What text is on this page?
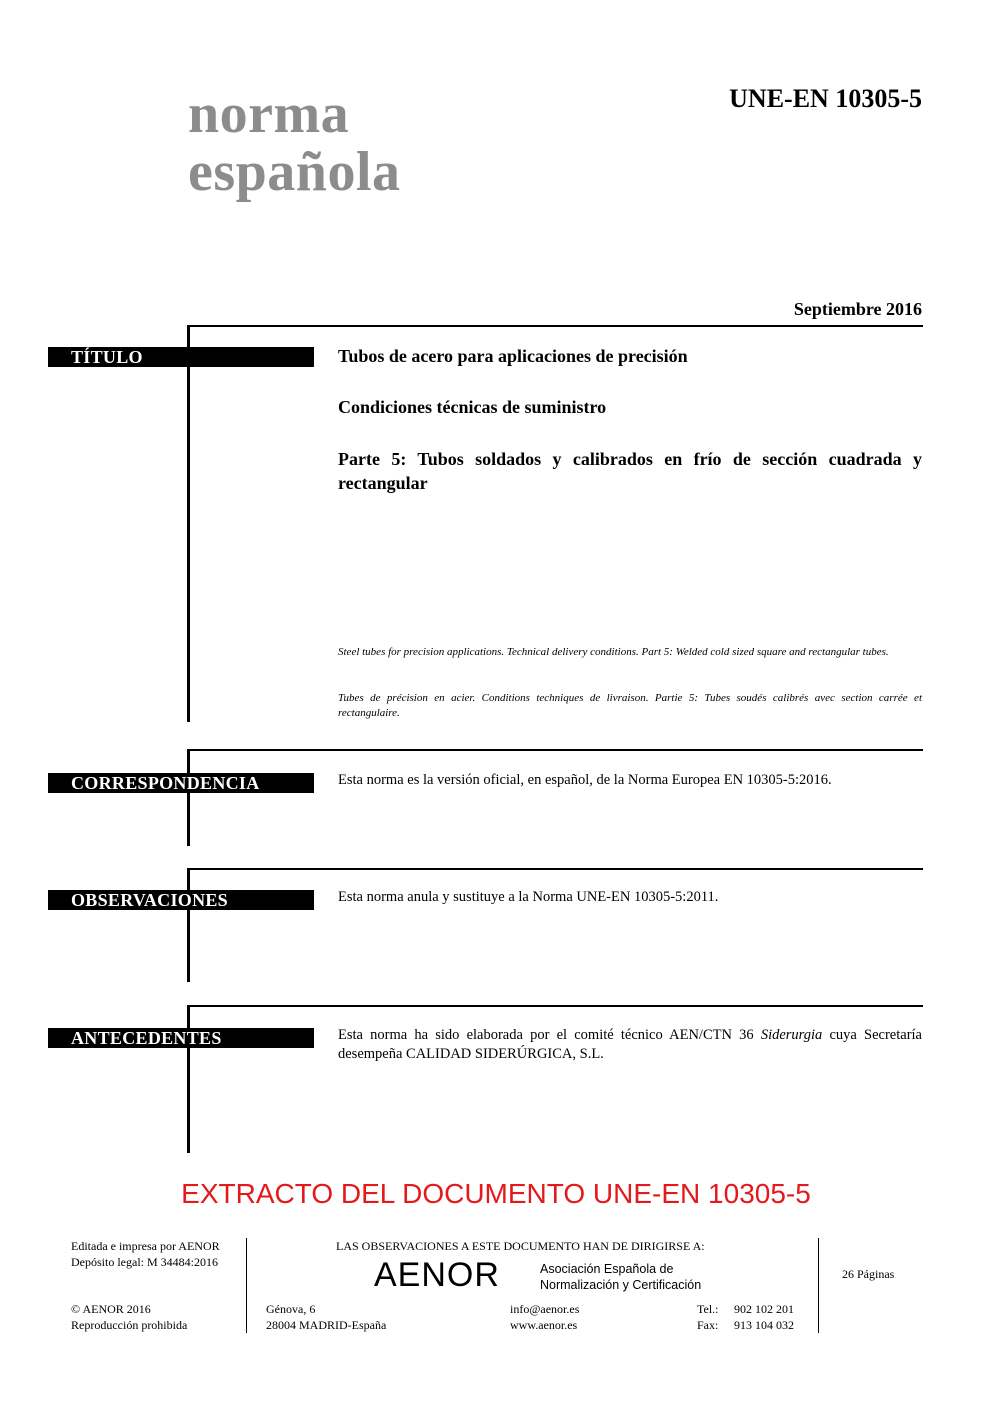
norma
española
UNE-EN 10305-5
Septiembre 2016
TÍTULO	Tubos de acero para aplicaciones de precisión
Condiciones técnicas de suministro
Parte 5: Tubos soldados y calibrados en frío de sección cuadrada y rectangular
Steel tubes for precision applications. Technical delivery conditions. Part 5: Welded cold sized square and rectangular tubes.
Tubes de précision en acier. Conditions techniques de livraison. Partie 5: Tubes soudés calibrés avec section carrée et rectangulaire.
CORRESPONDENCIA	Esta norma es la versión oficial, en español, de la Norma Europea EN 10305-5:2016.
OBSERVACIONES	Esta norma anula y sustituye a la Norma UNE-EN 10305-5:2011.
ANTECEDENTES	Esta norma ha sido elaborada por el comité técnico AEN/CTN 36 Siderurgia cuya Secretaría desempeña CALIDAD SIDERÚRGICA, S.L.
EXTRACTO DEL DOCUMENTO UNE-EN 10305-5
Editada e impresa por AENOR
Depósito legal: M 34484:2016
© AENOR 2016
Reproducción prohibida
LAS OBSERVACIONES A ESTE DOCUMENTO HAN DE DIRIGIRSE A:
AENOR	Asociación Española de
Normalización y Certificación
Génova, 6
28004 MADRID-España
info@aenor.es
www.aenor.es
Tel.: 902 102 201
Fax: 913 104 032
26 Páginas
